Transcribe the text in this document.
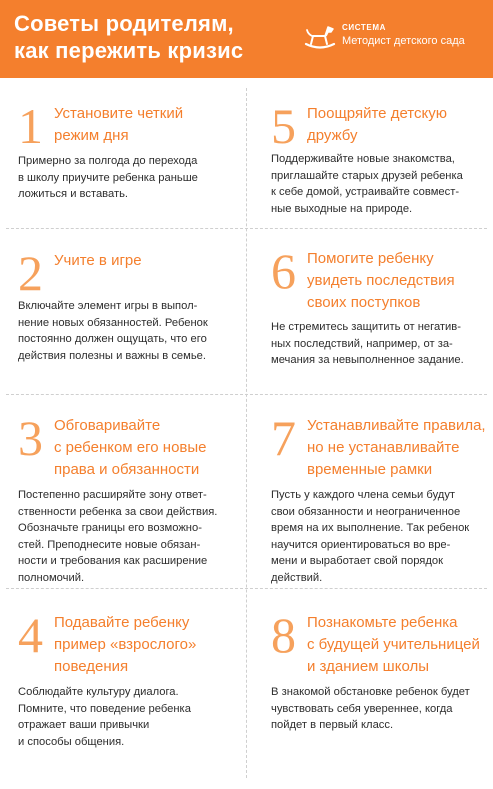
Советы родителям,
как пережить кризис
СИСТЕМА
Методист детского сада
1 Установите четкий
режим дня
Примерно за полгода до перехода
в школу приучите ребенка раньше
ложиться и вставать.
2 Учите в игре
Включайте элемент игры в выпол-
нение новых обязанностей. Ребенок
постоянно должен ощущать, что его
действия полезны и важны в семье.
3 Обговаривайте
с ребенком его новые
права и обязанности
Постепенно расширяйте зону ответ-
ственности ребенка за свои действия.
Обозначьте границы его возможно-
стей. Преподнесите новые обязан-
ности и требования как расширение
полномочий.
4 Подавайте ребенку
пример «взрослого»
поведения
Соблюдайте культуру диалога.
Помните, что поведение ребенка
отражает ваши привычки
и способы общения.
5 Поощряйте детскую
дружбу
Поддерживайте новые знакомства,
приглашайте старых друзей ребенка
к себе домой, устраивайте совмест-
ные выходные на природе.
6 Помогите ребенку
увидеть последствия
своих поступков
Не стремитесь защитить от негатив-
ных последствий, например, от за-
мечания за невыполненное задание.
7 Устанавливайте правила,
но не устанавливайте
временные рамки
Пусть у каждого члена семьи будут
свои обязанности и неограниченное
время на их выполнение. Так ребенок
научится ориентироваться во вре-
мени и выработает свой порядок
действий.
8 Познакомьте ребенка
с будущей учительницей
и зданием школы
В знакомой обстановке ребенок будет
чувствовать себя увереннее, когда
пойдет в первый класс.
